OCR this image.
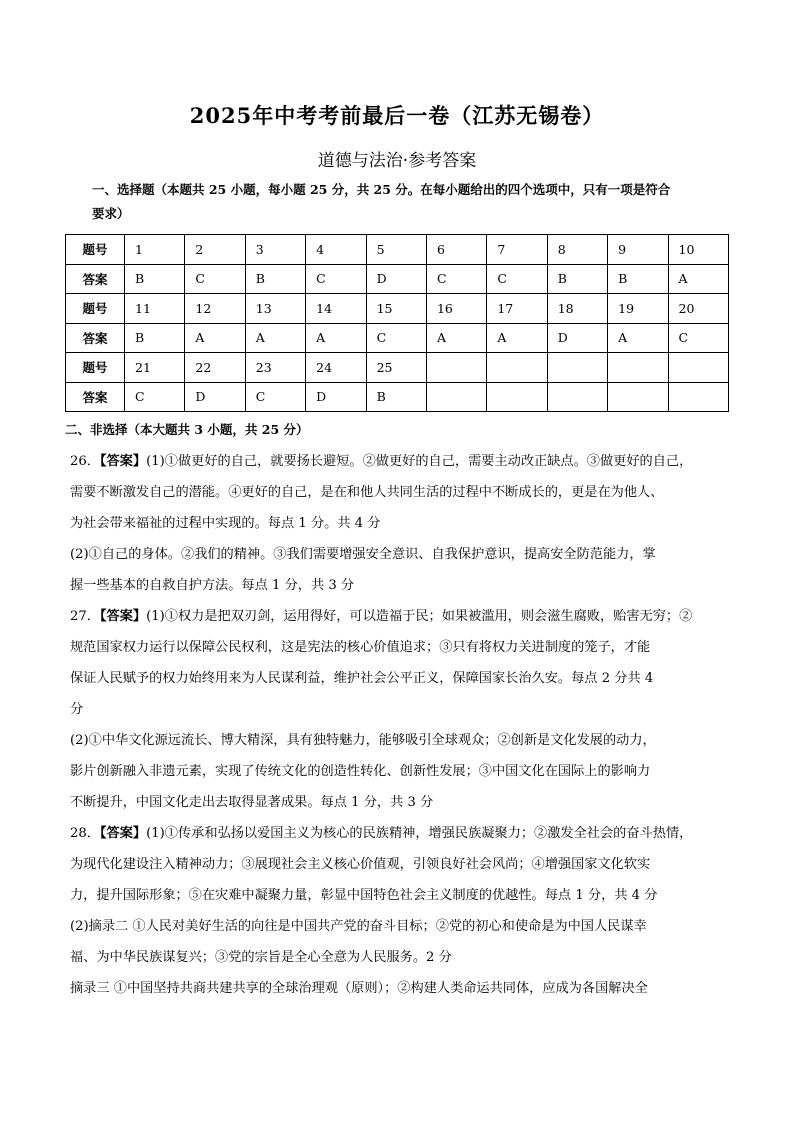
2025年中考考前最后一卷（江苏无锡卷）
道德与法治·参考答案
一、选择题（本题共 25 小题，每小题 25 分，共 25 分。在每小题给出的四个选项中，只有一项是符合
要求）
题号	1	2	3	4	5	6	7	8	9	10
答案	B	C	B	C	D	C	C	B	B	A
题号	11	12	13	14	15	16	17	18	19	20
答案	B	A	A	A	C	A	A	D	A	C
题号	21	22	23	24	25					
答案	C	D	C	D	B					
二、非选择（本大题共 3 小题，共 25 分）

26．【答案】(1)①做更好的自己，就要扬长避短。②做更好的自己，需要主动改正缺点。③做更好的自己，

需要不断激发自己的潜能。④更好的自己，是在和他人共同生活的过程中不断成长的，更是在为他人、

为社会带来福祉的过程中实现的。每点 1 分。共 4 分

(2)①自己的身体。②我们的精神。③我们需要增强安全意识、自我保护意识，提高安全防范能力，掌

握一些基本的自救自护方法。每点 1 分，共 3 分

27．【答案】(1)①权力是把双刃剑，运用得好，可以造福于民；如果被滥用，则会滋生腐败，贻害无穷；②

规范国家权力运行以保障公民权利，这是宪法的核心价值追求；③只有将权力关进制度的笼子，才能

保证人民赋予的权力始终用来为人民谋利益，维护社会公平正义，保障国家长治久安。每点 2 分共 4

分

(2)①中华文化源远流长、博大精深，具有独特魅力，能够吸引全球观众；②创新是文化发展的动力，

影片创新融入非遗元素，实现了传统文化的创造性转化、创新性发展；③中国文化在国际上的影响力

不断提升，中国文化走出去取得显著成果。每点 1 分，共 3 分

28．【答案】(1)①传承和弘扬以爱国主义为核心的民族精神，增强民族凝聚力；②激发全社会的奋斗热情，

为现代化建设注入精神动力；③展现社会主义核心价值观，引领良好社会风尚；④增强国家文化软实

力，提升国际形象；⑤在灾难中凝聚力量，彰显中国特色社会主义制度的优越性。每点 1 分，共 4 分

(2)摘录二 ①人民对美好生活的向往是中国共产党的奋斗目标；②党的初心和使命是为中国人民谋幸

福、为中华民族谋复兴；③党的宗旨是全心全意为人民服务。2 分

摘录三 ①中国坚持共商共建共享的全球治理观（原则）；②构建人类命运共同体，应成为各国解决全
